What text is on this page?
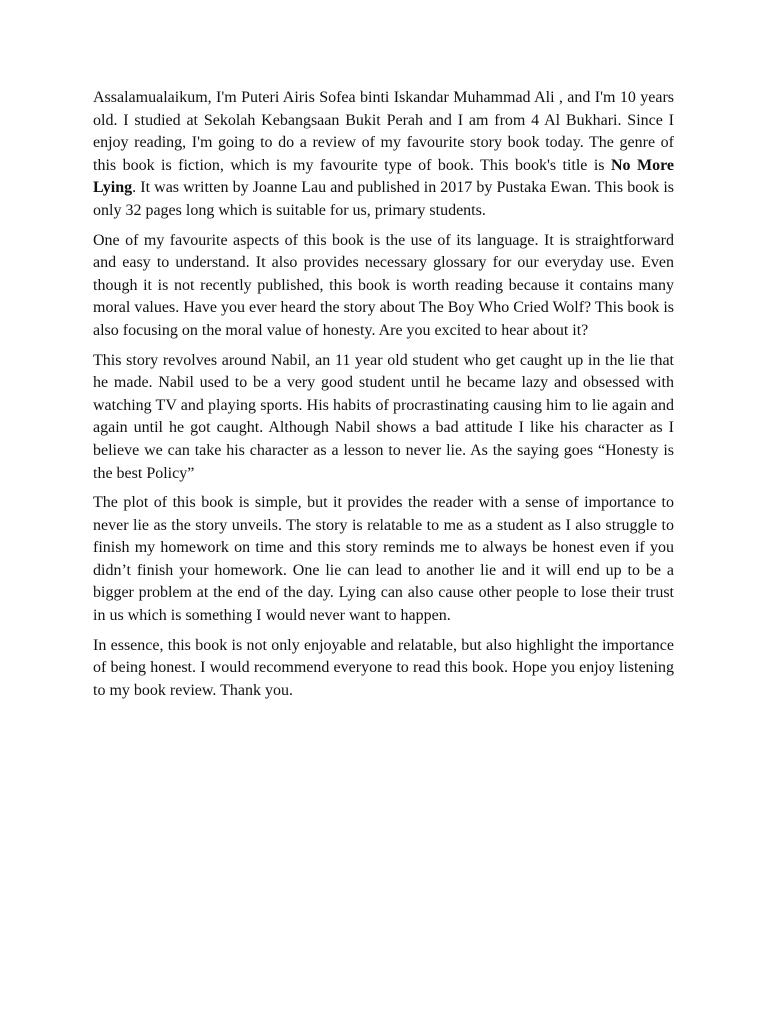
Assalamualaikum, I'm Puteri Airis Sofea binti Iskandar Muhammad Ali , and I'm 10 years old. I studied at Sekolah Kebangsaan Bukit Perah and I am from 4 Al Bukhari. Since I enjoy reading, I'm going to do a review of my favourite story book today. The genre of this book is fiction, which is my favourite type of book. This book's title is No More Lying. It was written by Joanne Lau and published in 2017 by Pustaka Ewan. This book is only 32 pages long which is suitable for us, primary students.

One of my favourite aspects of this book is the use of its language. It is straightforward and easy to understand. It also provides necessary glossary for our everyday use. Even though it is not recently published, this book is worth reading because it contains many moral values. Have you ever heard the story about The Boy Who Cried Wolf? This book is also focusing on the moral value of honesty. Are you excited to hear about it?

This story revolves around Nabil, an 11 year old student who get caught up in the lie that he made. Nabil used to be a very good student until he became lazy and obsessed with watching TV and playing sports. His habits of procrastinating causing him to lie again and again until he got caught. Although Nabil shows a bad attitude I like his character as I believe we can take his character as a lesson to never lie. As the saying goes “Honesty is the best Policy”

The plot of this book is simple, but it provides the reader with a sense of importance to never lie as the story unveils. The story is relatable to me as a student as I also struggle to finish my homework on time and this story reminds me to always be honest even if you didn’t finish your homework. One lie can lead to another lie and it will end up to be a bigger problem at the end of the day. Lying can also cause other people to lose their trust in us which is something I would never want to happen.

In essence, this book is not only enjoyable and relatable, but also highlight the importance of being honest. I would recommend everyone to read this book. Hope you enjoy listening to my book review. Thank you.
